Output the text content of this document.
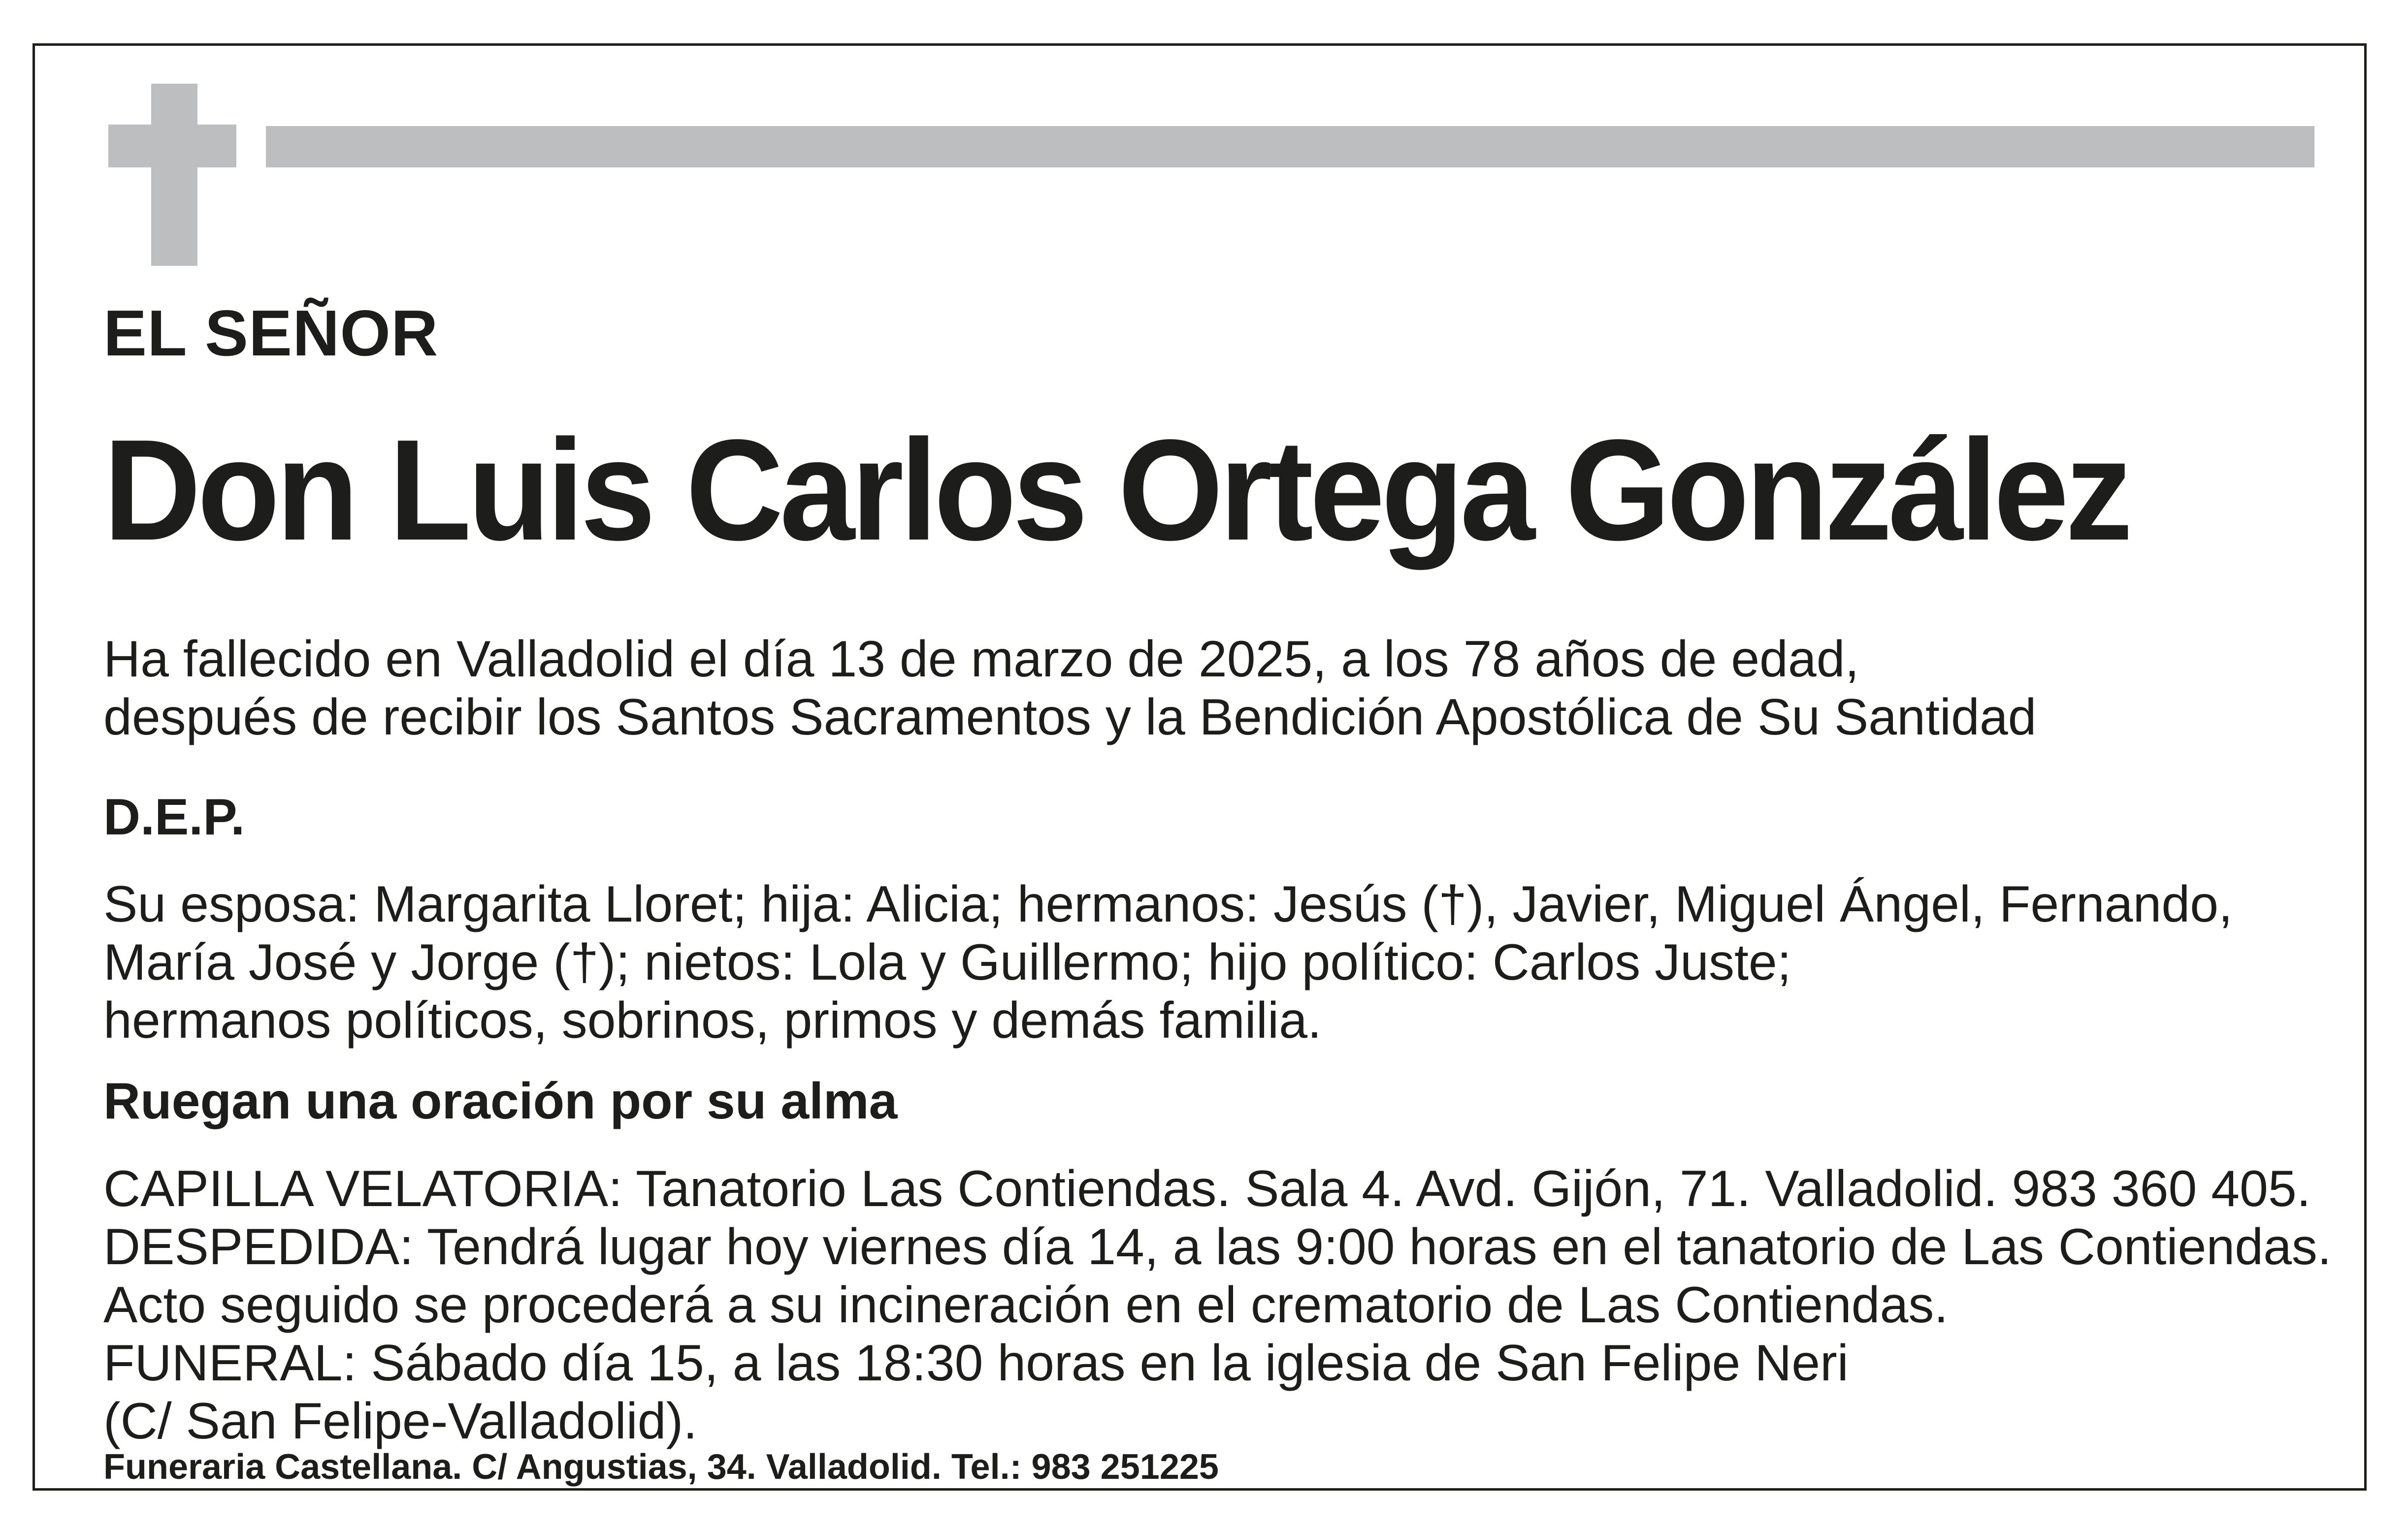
EL SEÑOR

Don Luis Carlos Ortega González

Ha fallecido en Valladolid el día 13 de marzo de 2025, a los 78 años de edad,

después de recibir los Santos Sacramentos y la Bendición Apostólica de Su Santidad

D.E.P.

Su esposa: Margarita Lloret; hija: Alicia; hermanos: Jesús (†), Javier, Miguel Ángel, Fernando,

María José y Jorge (†); nietos: Lola y Guillermo; hijo político: Carlos Juste;

hermanos políticos, sobrinos, primos y demás familia.

Ruegan una oración por su alma

CAPILLA VELATORIA: Tanatorio Las Contiendas. Sala 4. Avd. Gijón, 71. Valladolid. 983 360 405.

DESPEDIDA: Tendrá lugar hoy viernes día 14, a las 9:00 horas en el tanatorio de Las Contiendas.

Acto seguido se procederá a su incineración en el crematorio de Las Contiendas.

FUNERAL: Sábado día 15, a las 18:30 horas en la iglesia de San Felipe Neri

(C/ San Felipe-Valladolid).

Funeraria Castellana. C/ Angustias, 34. Valladolid. Tel.: 983 251225
